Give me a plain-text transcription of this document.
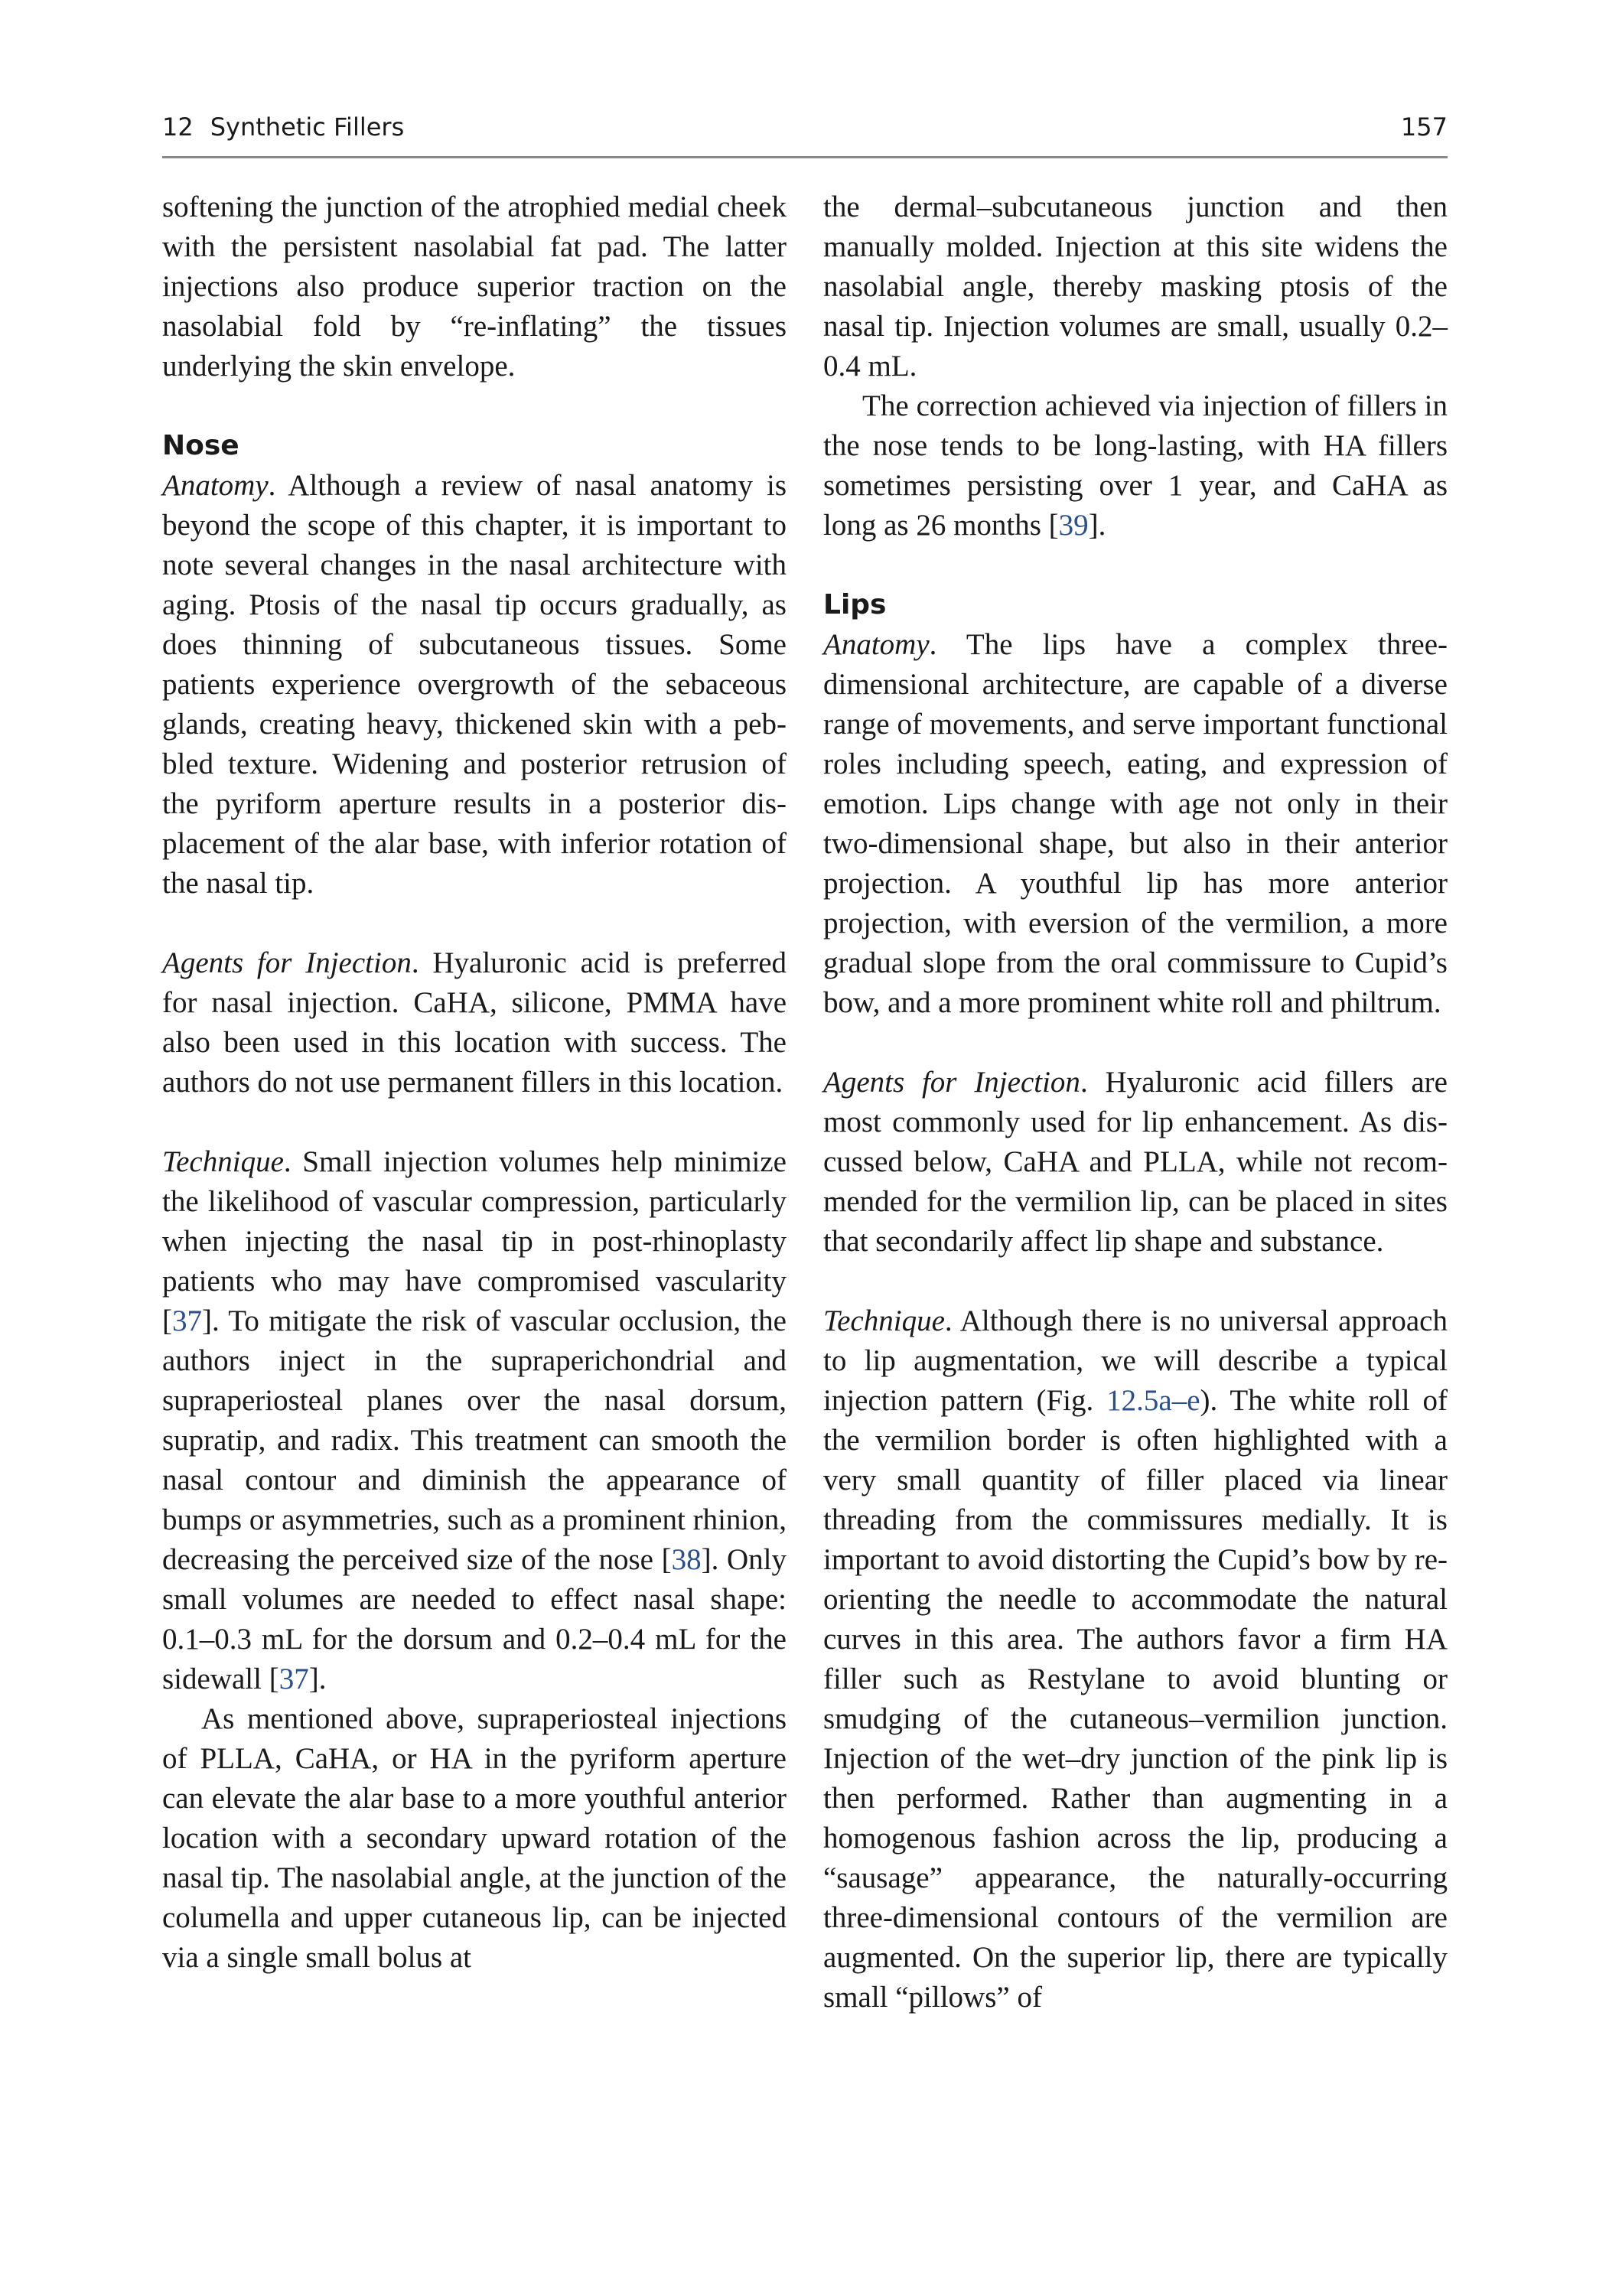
12 Synthetic Fillers	157

softening the junction of the atrophied medial cheek with the persistent nasolabial fat pad. The latter injections also produce superior traction on the nasolabial fold by “re-inflating” the tissues underlying the skin envelope.

Nose

Anatomy. Although a review of nasal anatomy is beyond the scope of this chapter, it is important to note several changes in the nasal architecture with aging. Ptosis of the nasal tip occurs gradually, as does thinning of subcutaneous tissues. Some patients experience overgrowth of the sebaceous glands, creating heavy, thickened skin with a pebbled texture. Widening and posterior retrusion of the pyriform aperture results in a posterior displacement of the alar base, with inferior rotation of the nasal tip.

Agents for Injection. Hyaluronic acid is preferred for nasal injection. CaHA, silicone, PMMA have also been used in this location with success. The authors do not use permanent fillers in this location.

Technique. Small injection volumes help minimize the likelihood of vascular compression, particularly when injecting the nasal tip in post-rhinoplasty patients who may have compromised vascularity [37]. To mitigate the risk of vascular occlusion, the authors inject in the supraperichondrial and supraperiosteal planes over the nasal dorsum, supratip, and radix. This treatment can smooth the nasal contour and diminish the appearance of bumps or asymmetries, such as a prominent rhinion, decreasing the perceived size of the nose [38]. Only small volumes are needed to effect nasal shape: 0.1–0.3 mL for the dorsum and 0.2–0.4 mL for the sidewall [37].

As mentioned above, supraperiosteal injections of PLLA, CaHA, or HA in the pyriform aperture can elevate the alar base to a more youthful anterior location with a secondary upward rotation of the nasal tip. The nasolabial angle, at the junction of the columella and upper cutaneous lip, can be injected via a single small bolus at

the dermal–subcutaneous junction and then manually molded. Injection at this site widens the nasolabial angle, thereby masking ptosis of the nasal tip. Injection volumes are small, usually 0.2–0.4 mL.

The correction achieved via injection of fillers in the nose tends to be long-lasting, with HA fillers sometimes persisting over 1 year, and CaHA as long as 26 months [39].

Lips

Anatomy. The lips have a complex three-dimensional architecture, are capable of a diverse range of movements, and serve important functional roles including speech, eating, and expression of emotion. Lips change with age not only in their two-dimensional shape, but also in their anterior projection. A youthful lip has more anterior projection, with eversion of the vermilion, a more gradual slope from the oral commissure to Cupid’s bow, and a more prominent white roll and philtrum.

Agents for Injection. Hyaluronic acid fillers are most commonly used for lip enhancement. As discussed below, CaHA and PLLA, while not recommended for the vermilion lip, can be placed in sites that secondarily affect lip shape and substance.

Technique. Although there is no universal approach to lip augmentation, we will describe a typical injection pattern (Fig. 12.5a–e). The white roll of the vermilion border is often highlighted with a very small quantity of filler placed via linear threading from the commissures medially. It is important to avoid distorting the Cupid’s bow by re-orienting the needle to accommodate the natural curves in this area. The authors favor a firm HA filler such as Restylane to avoid blunting or smudging of the cutaneous–vermilion junction. Injection of the wet–dry junction of the pink lip is then performed. Rather than augmenting in a homogenous fashion across the lip, producing a “sausage” appearance, the naturally-occurring three-dimensional contours of the vermilion are augmented. On the superior lip, there are typically small “pillows” of
